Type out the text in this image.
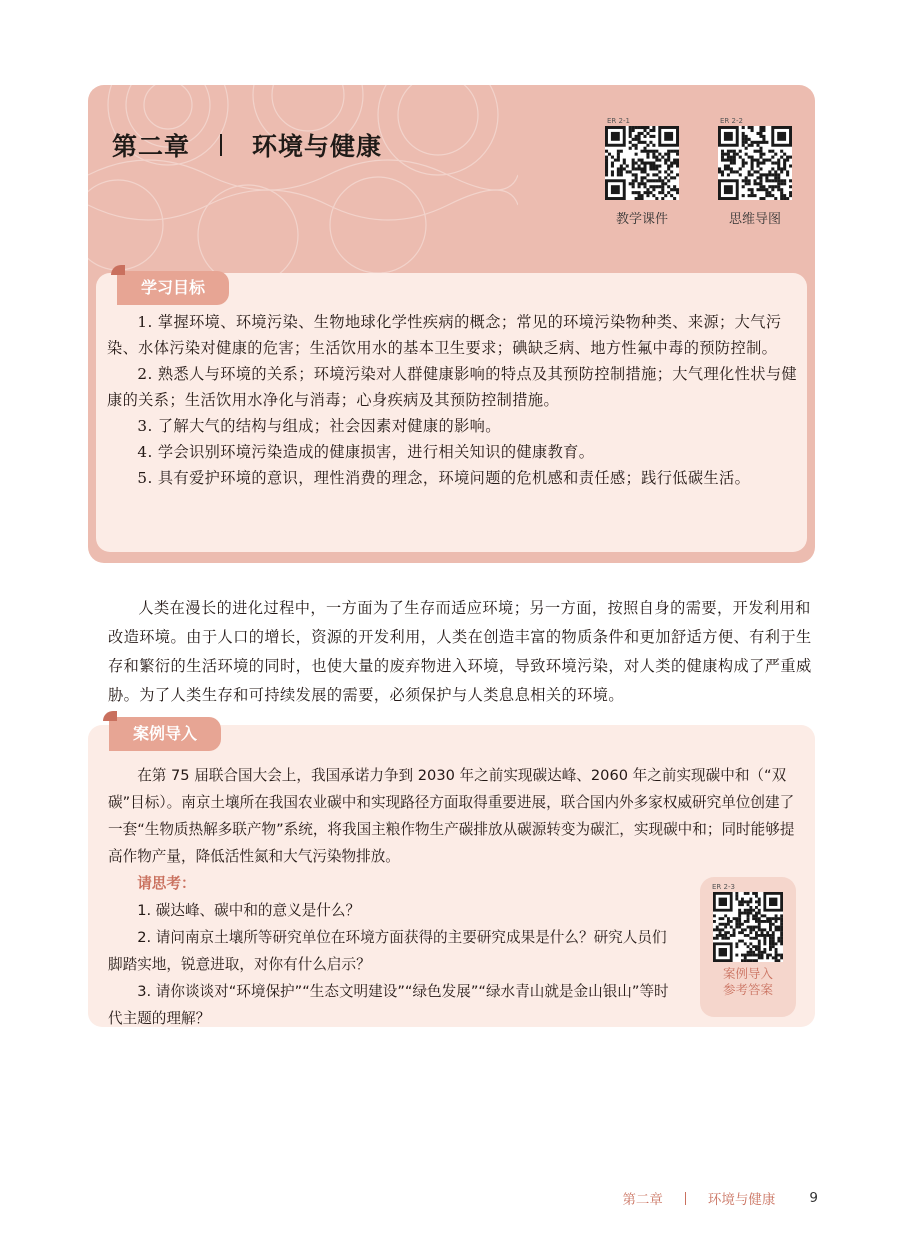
第二章 环境与健康
ER 2-1
教学课件
ER 2-2
思维导图
学习目标

1. 掌握环境、环境污染、生物地球化学性疾病的概念；常见的环境污染物种类、来源；大气污染、水体污染对健康的危害；生活饮用水的基本卫生要求；碘缺乏病、地方性氟中毒的预防控制。

2. 熟悉人与环境的关系；环境污染对人群健康影响的特点及其预防控制措施；大气理化性状与健康的关系；生活饮用水净化与消毒；心身疾病及其预防控制措施。

3. 了解大气的结构与组成；社会因素对健康的影响。

4. 学会识别环境污染造成的健康损害，进行相关知识的健康教育。

5. 具有爱护环境的意识，理性消费的理念，环境问题的危机感和责任感；践行低碳生活。

人类在漫长的进化过程中，一方面为了生存而适应环境；另一方面，按照自身的需要，开发利用和改造环境。由于人口的增长，资源的开发利用，人类在创造丰富的物质条件和更加舒适方便、有利于生存和繁衍的生活环境的同时，也使大量的废弃物进入环境，导致环境污染，对人类的健康构成了严重威胁。为了人类生存和可持续发展的需要，必须保护与人类息息相关的环境。

案例导入

在第 75 届联合国大会上，我国承诺力争到 2030 年之前实现碳达峰、2060 年之前实现碳中和（“双碳”目标）。南京土壤所在我国农业碳中和实现路径方面取得重要进展，联合国内外多家权威研究单位创建了一套“生物质热解多联产物”系统，将我国主粮作物生产碳排放从碳源转变为碳汇，实现碳中和；同时能够提高作物产量，降低活性氮和大气污染物排放。

请思考：

1. 碳达峰、碳中和的意义是什么？

2. 请问南京土壤所等研究单位在环境方面获得的主要研究成果是什么？研究人员们脚踏实地，锐意进取，对你有什么启示？

3. 请你谈谈对“环境保护”“生态文明建设”“绿色发展”“绿水青山就是金山银山”等时代主题的理解？

ER 2-3
案例导入
参考答案
第二章	环境与健康	9
